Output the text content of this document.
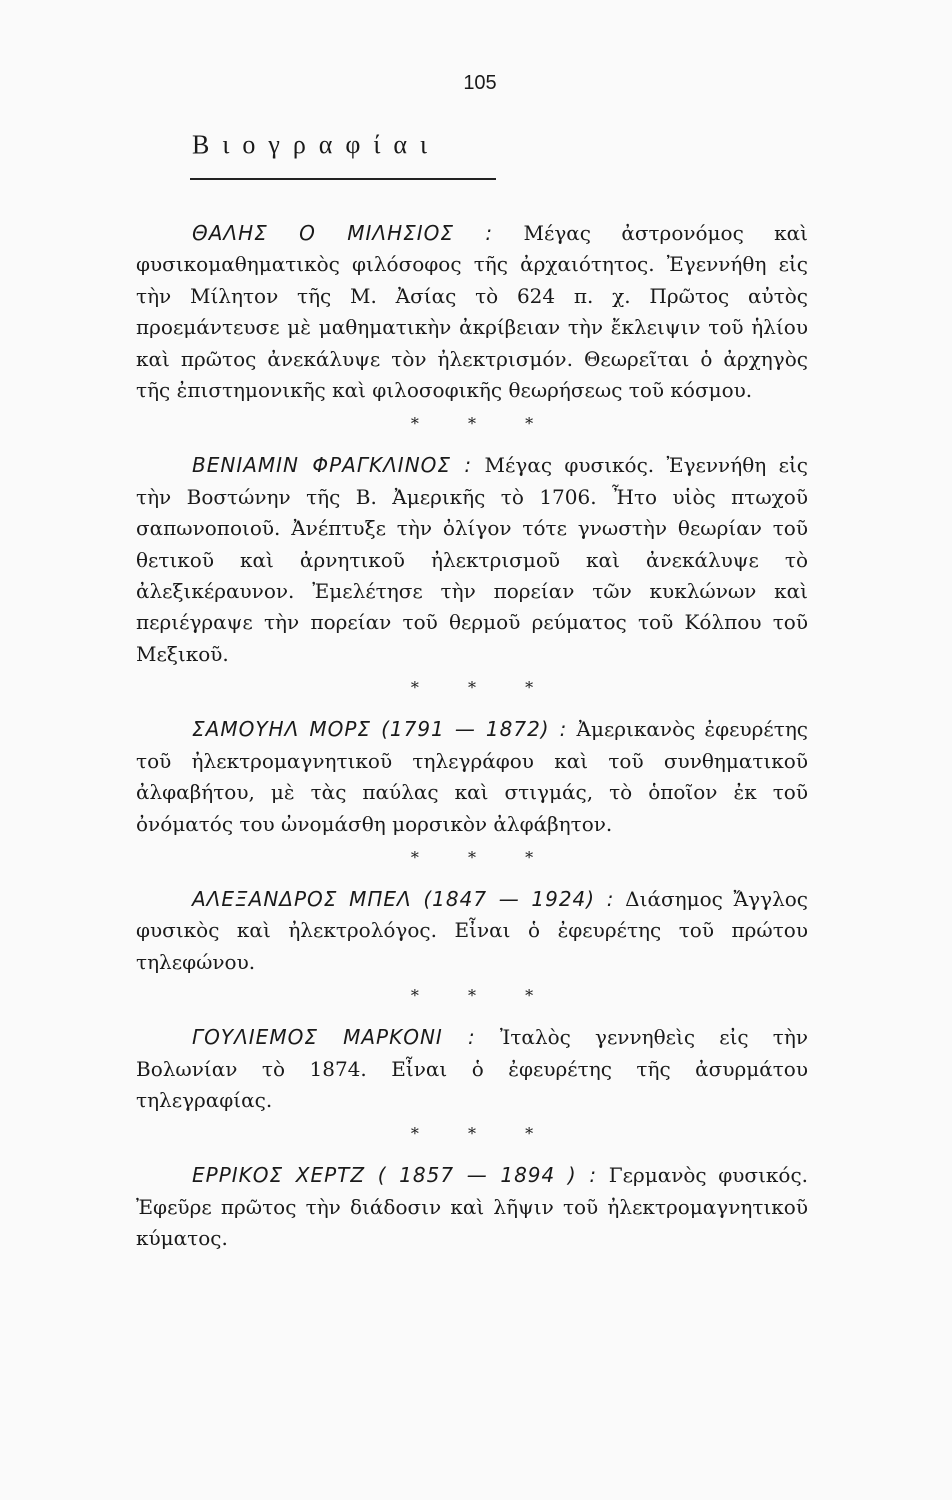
105
Βιογραφίαι

ΘΑΛΗΣ Ο ΜΙΛΗΣΙΟΣ : Μέγας ἀστρονόμος καὶ φυσικομαθηματικὸς φιλόσοφος τῆς ἀρχαιότητος. Ἐγεννήθη εἰς τὴν Μίλητον τῆς Μ. Ἀσίας τὸ 624 π. χ. Πρῶτος αὐτὸς προεμάντευσε μὲ μαθηματικὴν ἀκρίβειαν τὴν ἔκλειψιν τοῦ ἡλίου καὶ πρῶτος ἀνεκάλυψε τὸν ἠλεκτρισμόν. Θεωρεῖται ὁ ἀρχηγὸς τῆς ἐπιστημονικῆς καὶ φιλοσοφικῆς θεωρήσεως τοῦ κόσμου.

* * *

ΒΕΝΙΑΜΙΝ ΦΡΑΓΚΛΙΝΟΣ : Μέγας φυσικός. Ἐγεννήθη εἰς τὴν Βοστώνην τῆς Β. Ἀμερικῆς τὸ 1706. Ἦτο υἱὸς πτωχοῦ σαπωνοποιοῦ. Ἀνέπτυξε τὴν ὀλίγον τότε γνωστὴν θεωρίαν τοῦ θετικοῦ καὶ ἀρνητικοῦ ἠλεκτρισμοῦ καὶ ἀνεκάλυψε τὸ ἀλεξικέραυνον. Ἐμελέτησε τὴν πορείαν τῶν κυκλώνων καὶ περιέγραψε τὴν πορείαν τοῦ θερμοῦ ρεύματος τοῦ Κόλπου τοῦ Μεξικοῦ.

* * *

ΣΑΜΟΥΗΛ ΜΟΡΣ (1791 — 1872) : Ἀμερικανὸς ἐφευρέτης τοῦ ἠλεκτρομαγνητικοῦ τηλεγράφου καὶ τοῦ συνθηματικοῦ ἀλφαβήτου, μὲ τὰς παύλας καὶ στιγμάς, τὸ ὁποῖον ἐκ τοῦ ὀνόματός του ὠνομάσθη μορσικὸν ἀλφάβητον.

* * *

ΑΛΕΞΑΝΔΡΟΣ ΜΠΕΛ (1847 — 1924) : Διάσημος Ἄγγλος φυσικὸς καὶ ἠλεκτρολόγος. Εἶναι ὁ ἐφευρέτης τοῦ πρώτου τηλεφώνου.

* * *

ΓΟΥΛΙΕΜΟΣ ΜΑΡΚΟΝΙ : Ἰταλὸς γεννηθεὶς εἰς τὴν Βολωνίαν τὸ 1874. Εἶναι ὁ ἐφευρέτης τῆς ἀσυρμάτου τηλεγραφίας.

* * *

ΕΡΡΙΚΟΣ ΧΕΡΤΖ ( 1857 — 1894 ) : Γερμανὸς φυσικός. Ἐφεῦρε πρῶτος τὴν διάδοσιν καὶ λῆψιν τοῦ ἠλεκτρομαγνητικοῦ κύματος.
